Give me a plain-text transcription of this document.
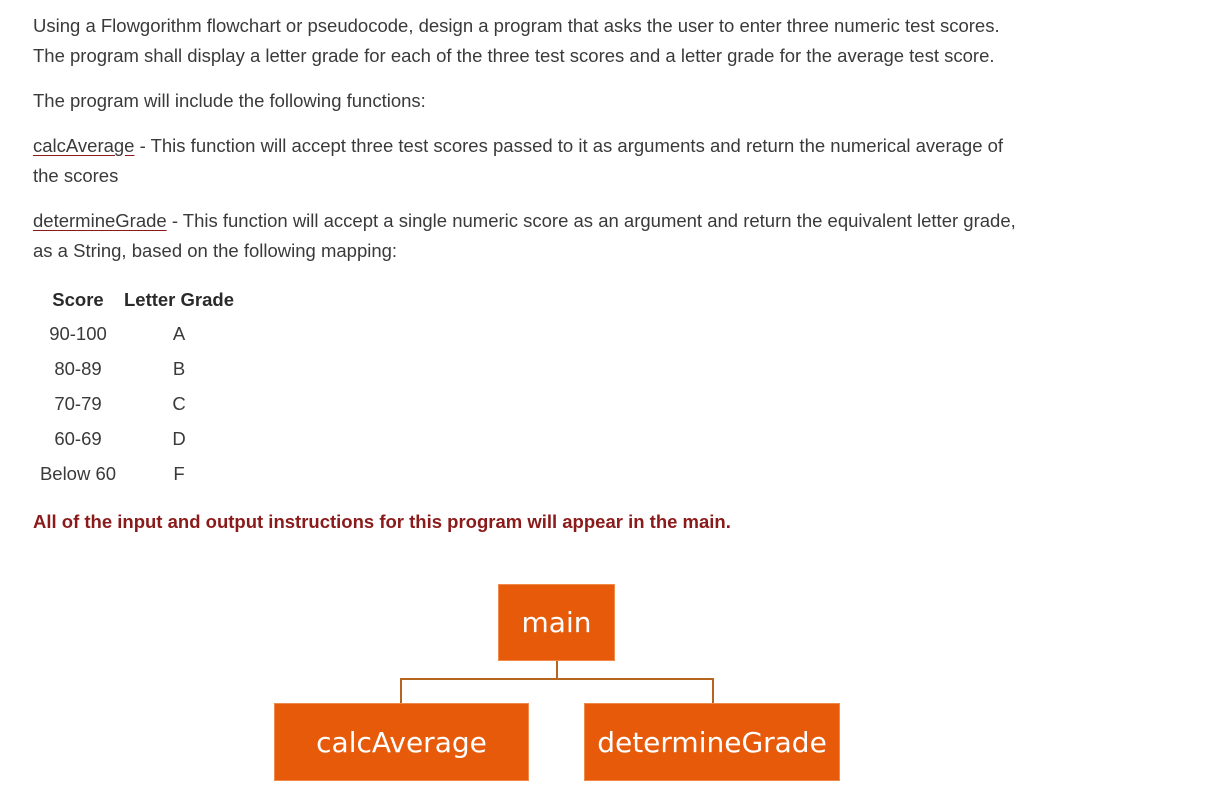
Using a Flowgorithm flowchart or pseudocode, design a program that asks the user to enter three numeric test scores.

The program shall display a letter grade for each of the three test scores and a letter grade for the average test score.

The program will include the following functions:

calcAverage - This function will accept three test scores passed to it as arguments and return the numerical average of

the scores

determineGrade - This function will accept a single numeric score as an argument and return the equivalent letter grade,

as a String, based on the following mapping:

Score	Letter Grade
90-100	A
80-89	B
70-79	C
60-69	D
Below 60	F

All of the input and output instructions for this program will appear in the main.

main
calcAverage	determineGrade
